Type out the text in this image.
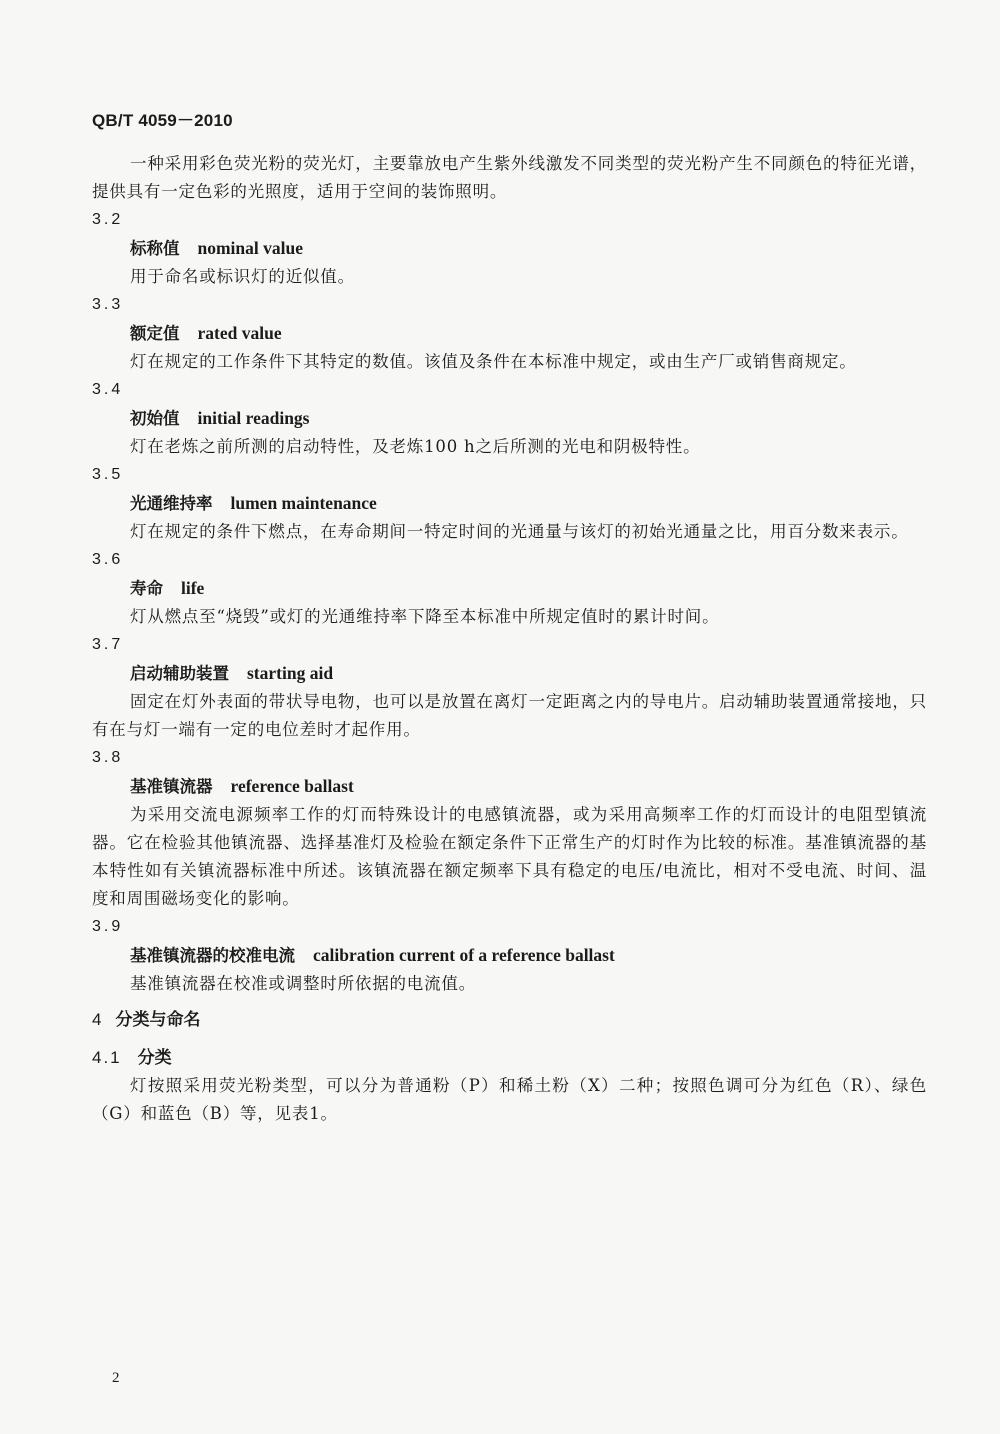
QB/T 4059－2010
一种采用彩色荧光粉的荧光灯，主要靠放电产生紫外线激发不同类型的荧光粉产生不同颜色的特征光谱，提供具有一定色彩的光照度，适用于空间的装饰照明。
3.2
标称值 nominal value
用于命名或标识灯的近似值。
3.3
额定值 rated value
灯在规定的工作条件下其特定的数值。该值及条件在本标准中规定，或由生产厂或销售商规定。
3.4
初始值 initial readings
灯在老炼之前所测的启动特性，及老炼100 h之后所测的光电和阴极特性。
3.5
光通维持率 lumen maintenance
灯在规定的条件下燃点，在寿命期间一特定时间的光通量与该灯的初始光通量之比，用百分数来表示。
3.6
寿命 life
灯从燃点至“烧毁”或灯的光通维持率下降至本标准中所规定值时的累计时间。
3.7
启动辅助装置 starting aid
固定在灯外表面的带状导电物，也可以是放置在离灯一定距离之内的导电片。启动辅助装置通常接地，只有在与灯一端有一定的电位差时才起作用。
3.8
基准镇流器 reference ballast
为采用交流电源频率工作的灯而特殊设计的电感镇流器，或为采用高频率工作的灯而设计的电阻型镇流器。它在检验其他镇流器、选择基准灯及检验在额定条件下正常生产的灯时作为比较的标准。基准镇流器的基本特性如有关镇流器标准中所述。该镇流器在额定频率下具有稳定的电压/电流比，相对不受电流、时间、温度和周围磁场变化的影响。
3.9
基准镇流器的校准电流 calibration current of a reference ballast
基准镇流器在校准或调整时所依据的电流值。
4 分类与命名
4.1 分类
灯按照采用荧光粉类型，可以分为普通粉（P）和稀土粉（X）二种；按照色调可分为红色（R）、绿色（G）和蓝色（B）等，见表1。
2
